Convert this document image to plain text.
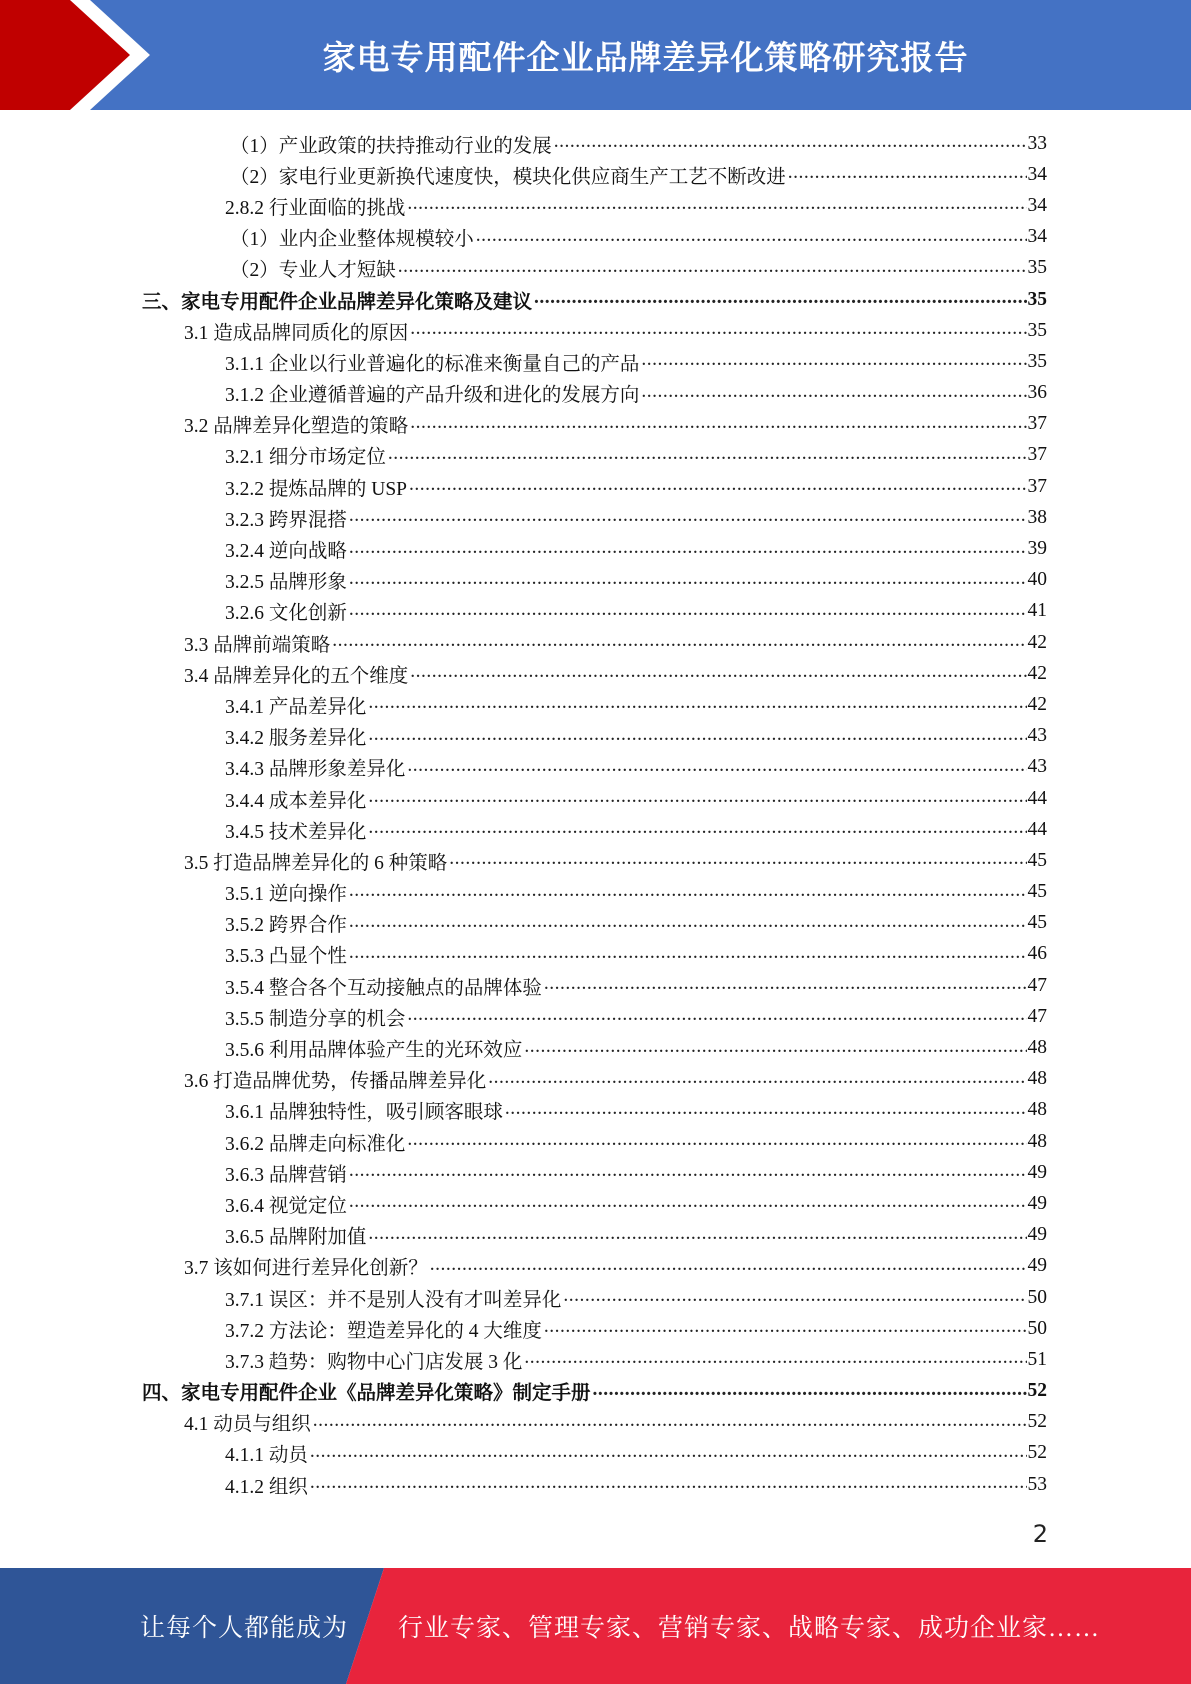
家电专用配件企业品牌差异化策略研究报告
（1）产业政策的扶持推动行业的发展 .....	33
（2）家电行业更新换代速度快，模块化供应商生产工艺不断改进 .....	34
2.8.2 行业面临的挑战 .....	34
（1）业内企业整体规模较小 .....	34
（2）专业人才短缺 .....	35
三、家电专用配件企业品牌差异化策略及建议 .....	35
3.1 造成品牌同质化的原因 .....	35
3.1.1 企业以行业普遍化的标准来衡量自己的产品 .....	35
3.1.2 企业遵循普遍的产品升级和进化的发展方向 .....	36
3.2 品牌差异化塑造的策略 .....	37
3.2.1 细分市场定位 .....	37
3.2.2 提炼品牌的 USP .....	37
3.2.3 跨界混搭 .....	38
3.2.4 逆向战略 .....	39
3.2.5 品牌形象 .....	40
3.2.6 文化创新 .....	41
3.3 品牌前端策略 .....	42
3.4 品牌差异化的五个维度 .....	42
3.4.1 产品差异化 .....	42
3.4.2 服务差异化 .....	43
3.4.3 品牌形象差异化 .....	43
3.4.4 成本差异化 .....	44
3.4.5 技术差异化 .....	44
3.5 打造品牌差异化的 6 种策略 .....	45
3.5.1 逆向操作 .....	45
3.5.2 跨界合作 .....	45
3.5.3 凸显个性 .....	46
3.5.4 整合各个互动接触点的品牌体验 .....	47
3.5.5 制造分享的机会 .....	47
3.5.6 利用品牌体验产生的光环效应 .....	48
3.6 打造品牌优势，传播品牌差异化 .....	48
3.6.1 品牌独特性，吸引顾客眼球 .....	48
3.6.2 品牌走向标准化 .....	48
3.6.3 品牌营销 .....	49
3.6.4 视觉定位 .....	49
3.6.5 品牌附加值 .....	49
3.7 该如何进行差异化创新？ .....	49
3.7.1 误区：并不是别人没有才叫差异化 .....	50
3.7.2 方法论：塑造差异化的 4 大维度 .....	50
3.7.3 趋势：购物中心门店发展 3 化 .....	51
四、家电专用配件企业《品牌差异化策略》制定手册 .....	52
4.1 动员与组织 .....	52
4.1.1 动员 .....	52
4.1.2 组织 .....	53
2
让每个人都能成为 行业专家、管理专家、营销专家、战略专家、成功企业家……
